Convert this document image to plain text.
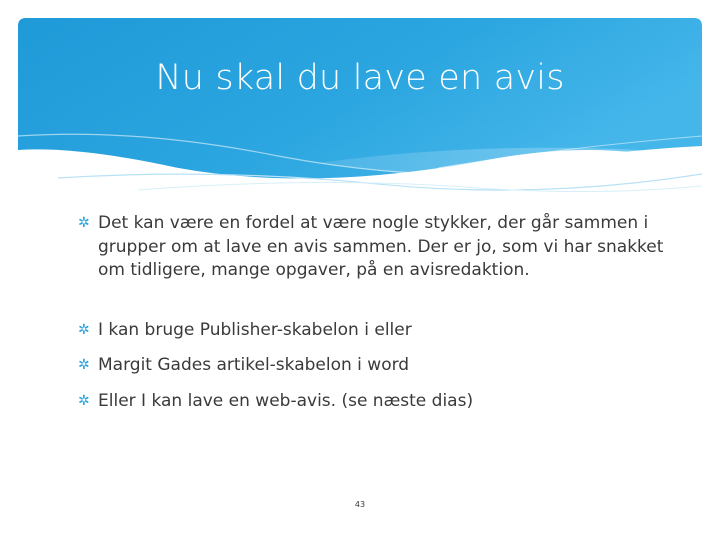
Nu skal du lave en avis

✲ Det kan være en fordel at være nogle stykker, der går sammen i grupper om at lave en avis sammen. Der er jo, som vi har snakket om tidligere, mange opgaver, på en avisredaktion.

✲ I kan bruge Publisher-skabelon i eller

✲ Margit Gades artikel-skabelon i word

✲ Eller I kan lave en web-avis. (se næste dias)

43
